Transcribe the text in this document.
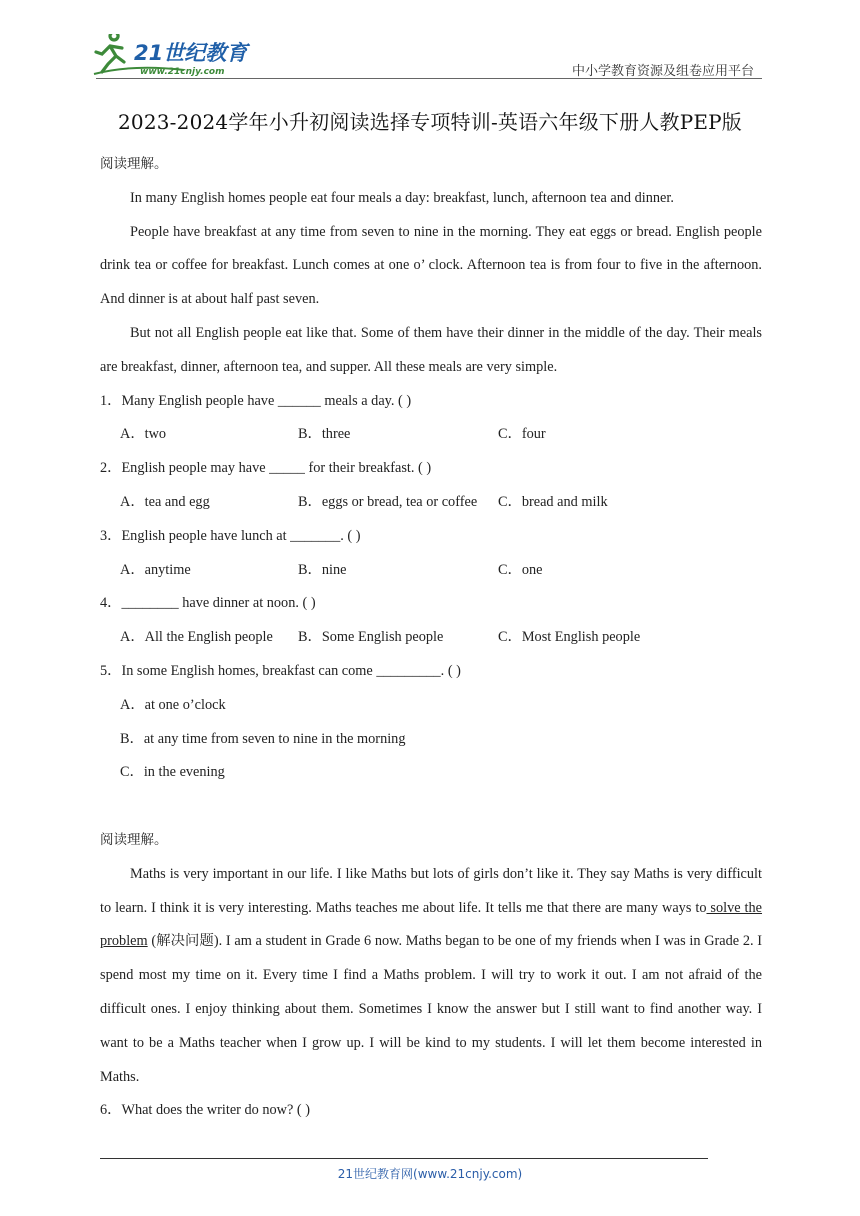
21世纪教育
www.21cnjy.com	中小学教育资源及组卷应用平台
2023-2024学年小升初阅读选择专项特训-英语六年级下册人教PEP版
阅读理解。
In many English homes people eat four meals a day: breakfast, lunch, afternoon tea and dinner.
People have breakfast at any time from seven to nine in the morning. They eat eggs or bread. English people drink tea or coffee for breakfast. Lunch comes at one o’ clock. Afternoon tea is from four to five in the afternoon. And dinner is at about half past seven.
But not all English people eat like that. Some of them have their dinner in the middle of the day. Their meals are breakfast, dinner, afternoon tea, and supper. All these meals are very simple.
1．Many English people have ______ meals a day. ( )
A．two	B．three	C．four
2．English people may have _____ for their breakfast. ( )
A．tea and egg	B．eggs or bread, tea or coffee	C．bread and milk
3．English people have lunch at _______. ( )
A．anytime	B．nine	C．one
4．________ have dinner at noon. ( )
A．All the English people	B．Some English people	C．Most English people
5．In some English homes, breakfast can come _________. ( )
A．at one o’clock
B．at any time from seven to nine in the morning
C．in the evening
阅读理解。
Maths is very important in our life. I like Maths but lots of girls don’t like it. They say Maths is very difficult to learn. I think it is very interesting. Maths teaches me about life. It tells me that there are many ways to solve the problem (解决问题). I am a student in Grade 6 now. Maths began to be one of my friends when I was in Grade 2. I spend most my time on it. Every time I find a Maths problem. I will try to work it out. I am not afraid of the difficult ones. I enjoy thinking about them. Sometimes I know the answer but I still want to find another way. I want to be a Maths teacher when I grow up. I will be kind to my students. I will let them become interested in Maths.
6．What does the writer do now? ( )
21世纪教育网(www.21cnjy.com)
